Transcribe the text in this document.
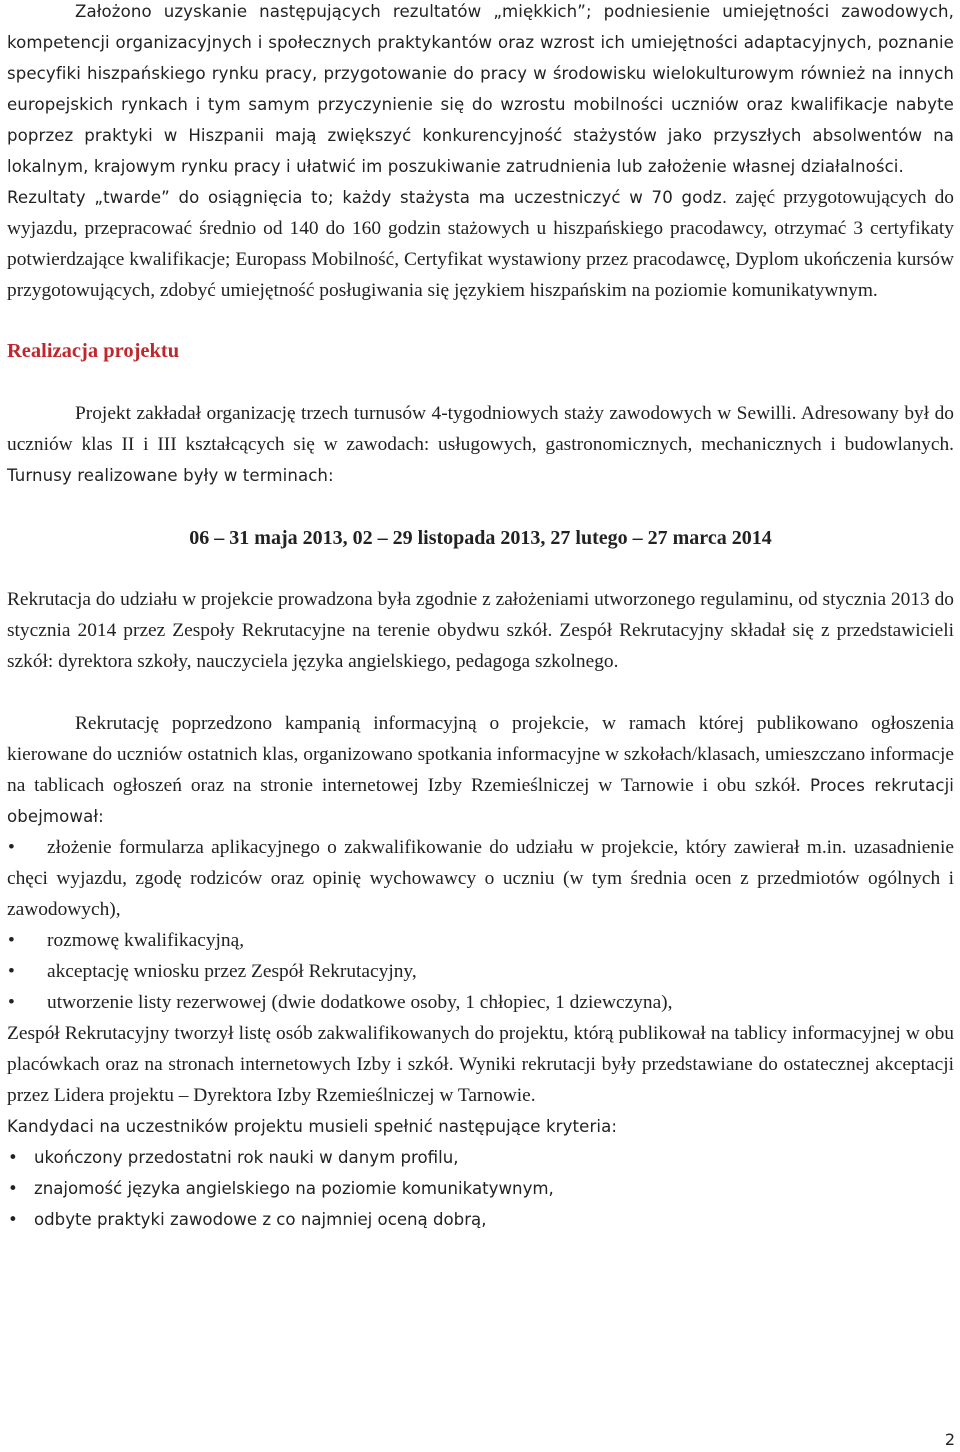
Założono uzyskanie następujących rezultatów „miękkich”; podniesienie umiejętności zawodowych, kompetencji organizacyjnych i społecznych praktykantów oraz wzrost ich umiejętności adaptacyjnych, poznanie specyfiki hiszpańskiego rynku pracy, przygotowanie do pracy w środowisku wielokulturowym również na innych europejskich rynkach i tym samym przyczynienie się do wzrostu mobilności uczniów oraz kwalifikacje nabyte poprzez praktyki w Hiszpanii mają zwiększyć konkurencyjność stażystów jako przyszłych absolwentów na lokalnym, krajowym rynku pracy i ułatwić im poszukiwanie zatrudnienia lub założenie własnej działalności.

Rezultaty „twarde” do osiągnięcia to; każdy stażysta ma uczestniczyć w 70 godz. zajęć przygotowujących do wyjazdu, przepracować średnio od 140 do 160 godzin stażowych u hiszpańskiego pracodawcy, otrzymać 3 certyfikaty potwierdzające kwalifikacje; Europass Mobilność, Certyfikat wystawiony przez pracodawcę, Dyplom ukończenia kursów przygotowujących, zdobyć umiejętność posługiwania się językiem hiszpańskim na poziomie komunikatywnym.

Realizacja projektu

Projekt zakładał organizację trzech turnusów 4-tygodniowych staży zawodowych w Sewilli. Adresowany był do uczniów klas II i III kształcących się w zawodach: usługowych, gastronomicznych, mechanicznych i budowlanych. Turnusy realizowane były w terminach:

06 – 31 maja 2013, 02 – 29 listopada 2013, 27 lutego – 27 marca 2014

Rekrutacja do udziału w projekcie prowadzona była zgodnie z założeniami utworzonego regulaminu, od stycznia 2013 do stycznia 2014 przez Zespoły Rekrutacyjne na terenie obydwu szkół. Zespół Rekrutacyjny składał się z przedstawicieli szkół: dyrektora szkoły, nauczyciela języka angielskiego, pedagoga szkolnego.

Rekrutację poprzedzono kampanią informacyjną o projekcie, w ramach której publikowano ogłoszenia kierowane do uczniów ostatnich klas, organizowano spotkania informacyjne w szkołach/klasach, umieszczano informacje na tablicach ogłoszeń oraz na stronie internetowej Izby Rzemieślniczej w Tarnowie i obu szkół. Proces rekrutacji obejmował:

• złożenie formularza aplikacyjnego o zakwalifikowanie do udziału w projekcie, który zawierał m.in. uzasadnienie chęci wyjazdu, zgodę rodziców oraz opinię wychowawcy o uczniu (w tym średnia ocen z przedmiotów ogólnych i zawodowych),
• rozmowę kwalifikacyjną,
• akceptację wniosku przez Zespół Rekrutacyjny,
• utworzenie listy rezerwowej (dwie dodatkowe osoby, 1 chłopiec, 1 dziewczyna),

Zespół Rekrutacyjny tworzył listę osób zakwalifikowanych do projektu, którą publikował na tablicy informacyjnej w obu placówkach oraz na stronach internetowych Izby i szkół. Wyniki rekrutacji były przedstawiane do ostatecznej akceptacji przez Lidera projektu – Dyrektora Izby Rzemieślniczej w Tarnowie.

Kandydaci na uczestników projektu musieli spełnić następujące kryteria:

• ukończony przedostatni rok nauki w danym profilu,
• znajomość języka angielskiego na poziomie komunikatywnym,
• odbyte praktyki zawodowe z co najmniej oceną dobrą,
2
